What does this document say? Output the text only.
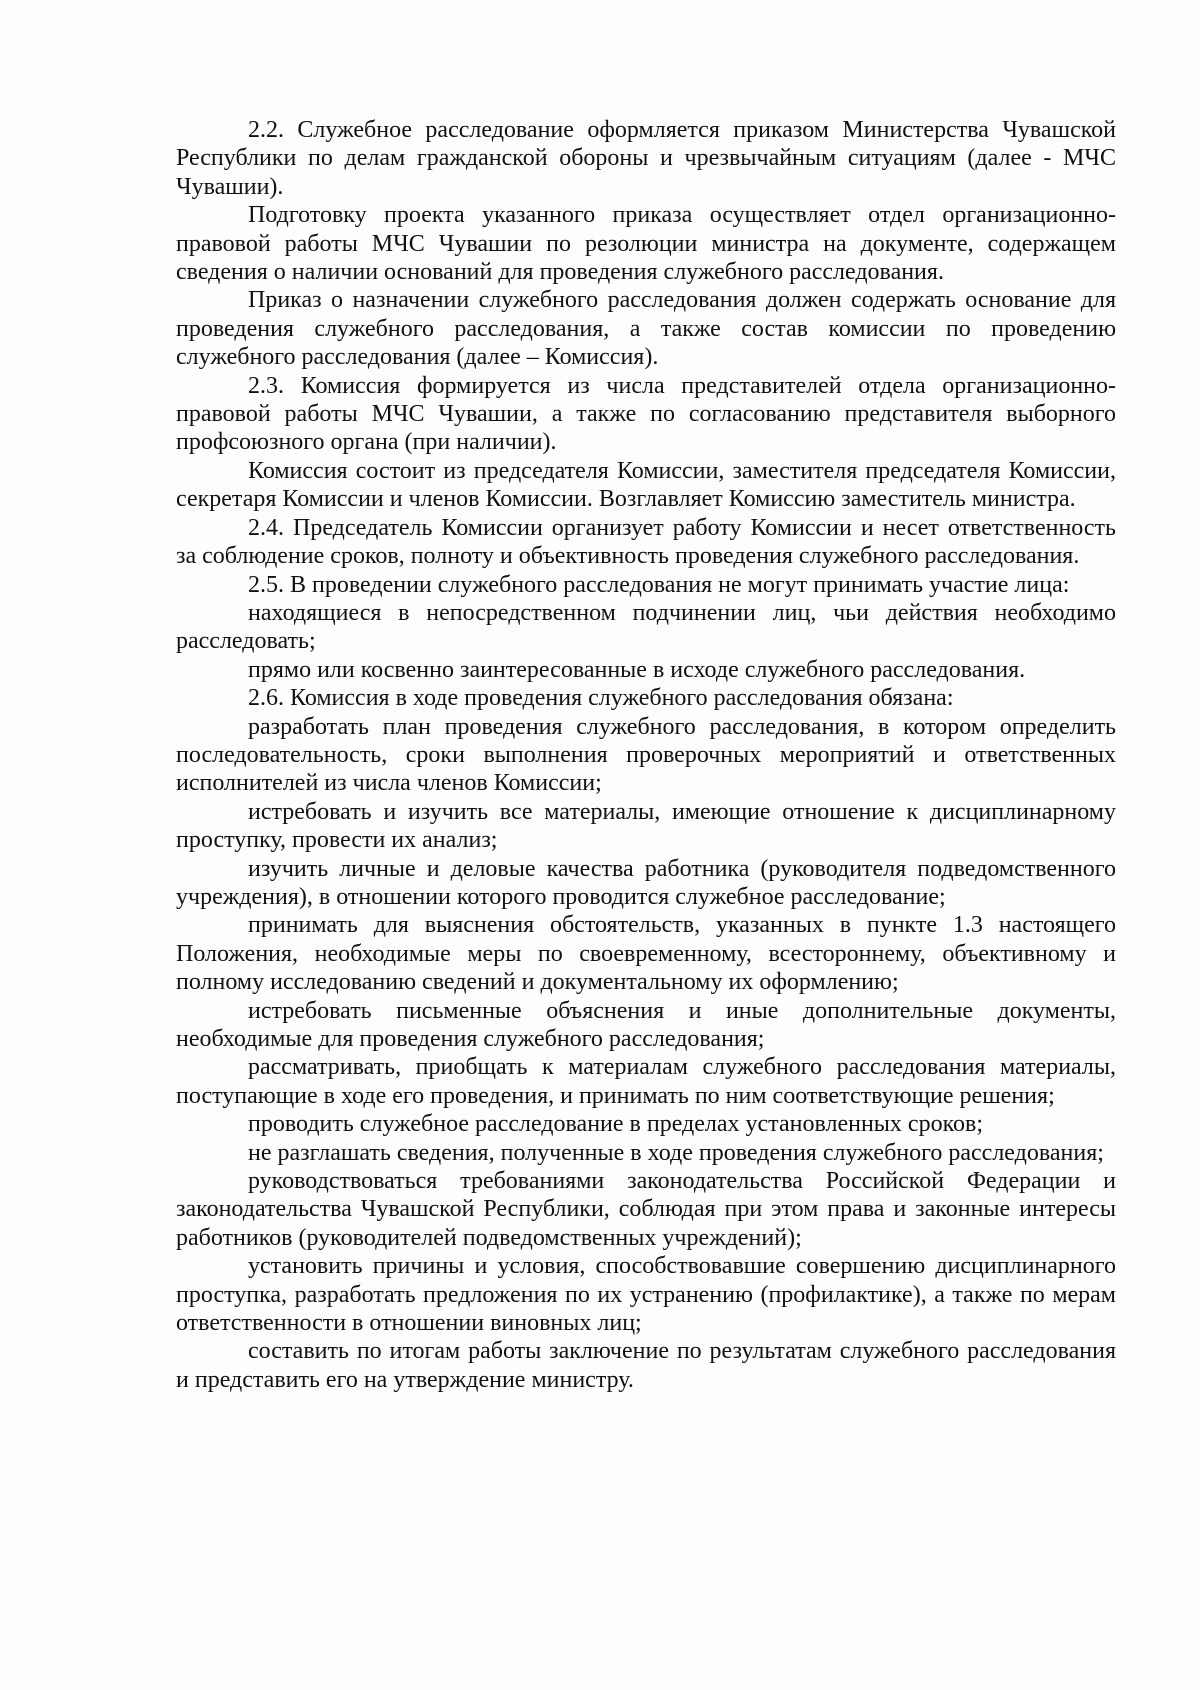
2.2. Служебное расследование оформляется приказом Министерства Чувашской Республики по делам гражданской обороны и чрезвычайным ситуациям (далее - МЧС Чувашии).

Подготовку проекта указанного приказа осуществляет отдел организационно-правовой работы МЧС Чувашии по резолюции министра на документе, содержащем сведения о наличии оснований для проведения служебного расследования.

Приказ о назначении служебного расследования должен содержать основание для проведения служебного расследования, а также состав комиссии по проведению служебного расследования (далее – Комиссия).

2.3. Комиссия формируется из числа представителей отдела организационно-правовой работы МЧС Чувашии, а также по согласованию представителя выборного профсоюзного органа (при наличии).

Комиссия состоит из председателя Комиссии, заместителя председателя Комиссии, секретаря Комиссии и членов Комиссии. Возглавляет Комиссию заместитель министра.

2.4. Председатель Комиссии организует работу Комиссии и несет ответственность за соблюдение сроков, полноту и объективность проведения служебного расследования.

2.5. В проведении служебного расследования не могут принимать участие лица:

находящиеся в непосредственном подчинении лиц, чьи действия необходимо расследовать;

прямо или косвенно заинтересованные в исходе служебного расследования.

2.6. Комиссия в ходе проведения служебного расследования обязана:

разработать план проведения служебного расследования, в котором определить последовательность, сроки выполнения проверочных мероприятий и ответственных исполнителей из числа членов Комиссии;

истребовать и изучить все материалы, имеющие отношение к дисциплинарному проступку, провести их анализ;

изучить личные и деловые качества работника (руководителя подведомственного учреждения), в отношении которого проводится служебное расследование;

принимать для выяснения обстоятельств, указанных в пункте 1.3 настоящего Положения, необходимые меры по своевременному, всестороннему, объективному и полному исследованию сведений и документальному их оформлению;

истребовать письменные объяснения и иные дополнительные документы, необходимые для проведения служебного расследования;

рассматривать, приобщать к материалам служебного расследования материалы, поступающие в ходе его проведения, и принимать по ним соответствующие решения;

проводить служебное расследование в пределах установленных сроков;

не разглашать сведения, полученные в ходе проведения служебного расследования;

руководствоваться требованиями законодательства Российской Федерации и законодательства Чувашской Республики, соблюдая при этом права и законные интересы работников (руководителей подведомственных учреждений);

установить причины и условия, способствовавшие совершению дисциплинарного проступка, разработать предложения по их устранению (профилактике), а также по мерам ответственности в отношении виновных лиц;

составить по итогам работы заключение по результатам служебного расследования и представить его на утверждение министру.
